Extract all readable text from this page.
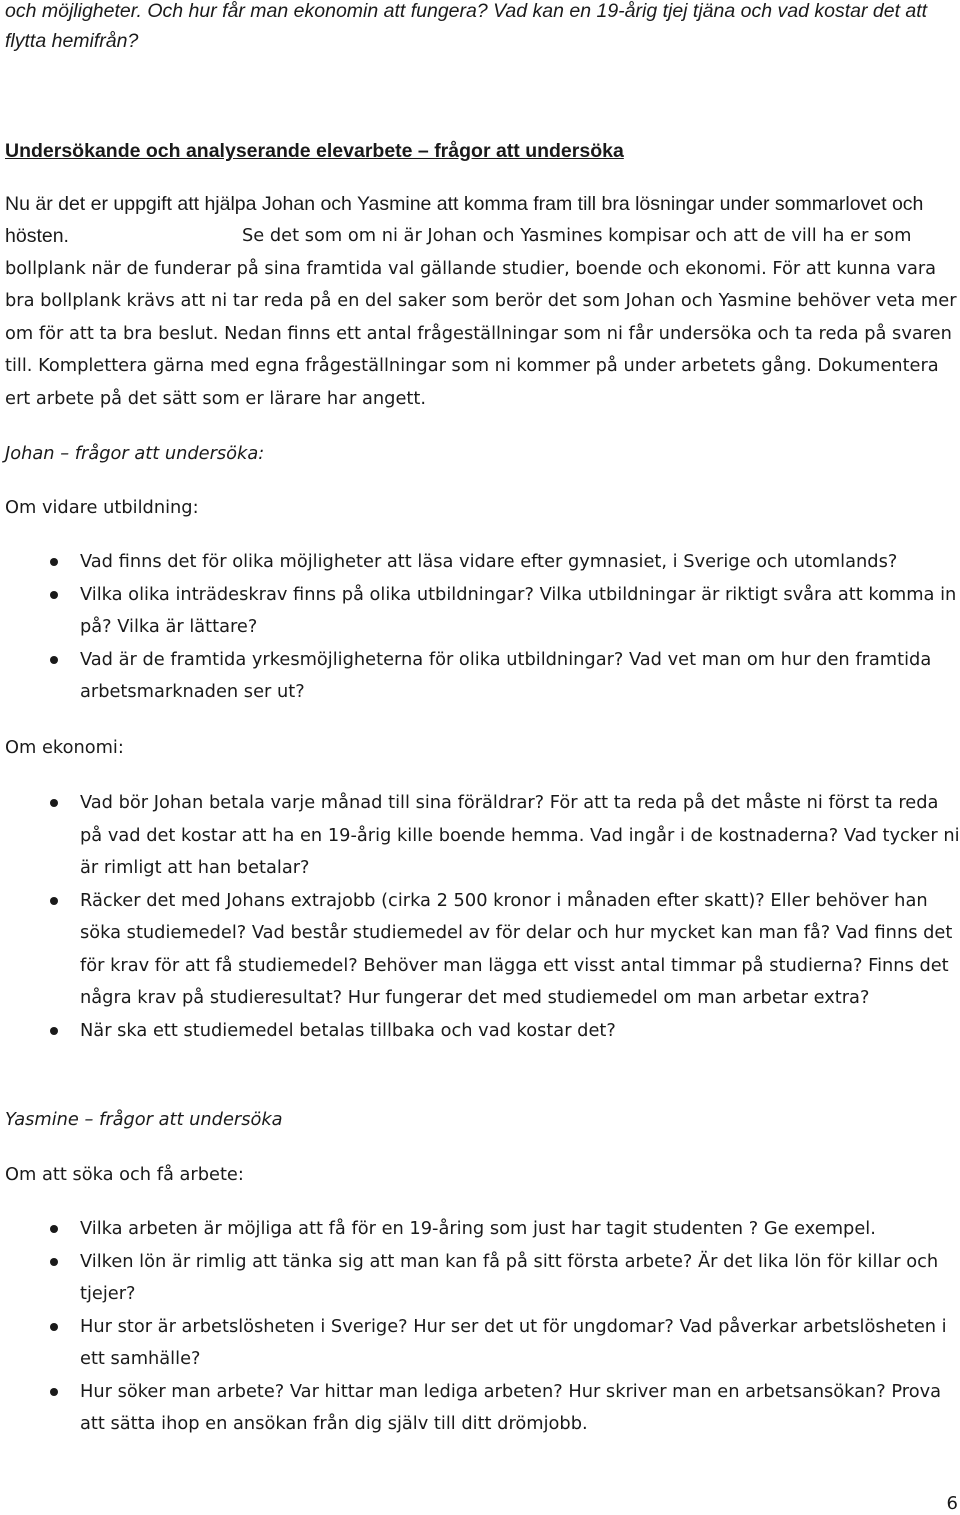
och möjligheter. Och hur får man ekonomin att fungera? Vad kan en 19-årig tjej tjäna och vad kostar det att flytta hemifrån?

Undersökande och analyserande elevarbete – frågor att undersöka

Nu är det er uppgift att hjälpa Johan och Yasmine att komma fram till bra lösningar under sommarlovet och hösten.	Se det som om ni är Johan och Yasmines kompisar och att de vill ha er som bollplank när de funderar på sina framtida val gällande studier, boende och ekonomi. För att kunna vara bra bollplank krävs att ni tar reda på en del saker som berör det som Johan och Yasmine behöver veta mer om för att ta bra beslut. Nedan finns ett antal frågeställningar som ni får undersöka och ta reda på svaren till. Komplettera gärna med egna frågeställningar som ni kommer på under arbetets gång. Dokumentera ert arbete på det sätt som er lärare har angett.

Johan – frågor att undersöka:

Om vidare utbildning:

Vad finns det för olika möjligheter att läsa vidare efter gymnasiet, i Sverige och utomlands?
Vilka olika inträdeskrav finns på olika utbildningar? Vilka utbildningar är riktigt svåra att komma in på? Vilka är lättare?
Vad är de framtida yrkesmöjligheterna för olika utbildningar? Vad vet man om hur den framtida arbetsmarknaden ser ut?

Om ekonomi:

Vad bör Johan betala varje månad till sina föräldrar? För att ta reda på det måste ni först ta reda på vad det kostar att ha en 19-årig kille boende hemma. Vad ingår i de kostnaderna? Vad tycker ni är rimligt att han betalar?
Räcker det med Johans extrajobb (cirka 2 500 kronor i månaden efter skatt)? Eller behöver han söka studiemedel? Vad består studiemedel av för delar och hur mycket kan man få? Vad finns det för krav för att få studiemedel? Behöver man lägga ett visst antal timmar på studierna? Finns det några krav på studieresultat? Hur fungerar det med studiemedel om man arbetar extra?
När ska ett studiemedel betalas tillbaka och vad kostar det?

Yasmine – frågor att undersöka

Om att söka och få arbete:

Vilka arbeten är möjliga att få för en 19-åring som just har tagit studenten ? Ge exempel.
Vilken lön är rimlig att tänka sig att man kan få på sitt första arbete? Är det lika lön för killar och tjejer?
Hur stor är arbetslösheten i Sverige? Hur ser det ut för ungdomar? Vad påverkar arbetslösheten i ett samhälle?
Hur söker man arbete? Var hittar man lediga arbeten? Hur skriver man en arbetsansökan? Prova att sätta ihop en ansökan från dig själv till ditt drömjobb.
6
